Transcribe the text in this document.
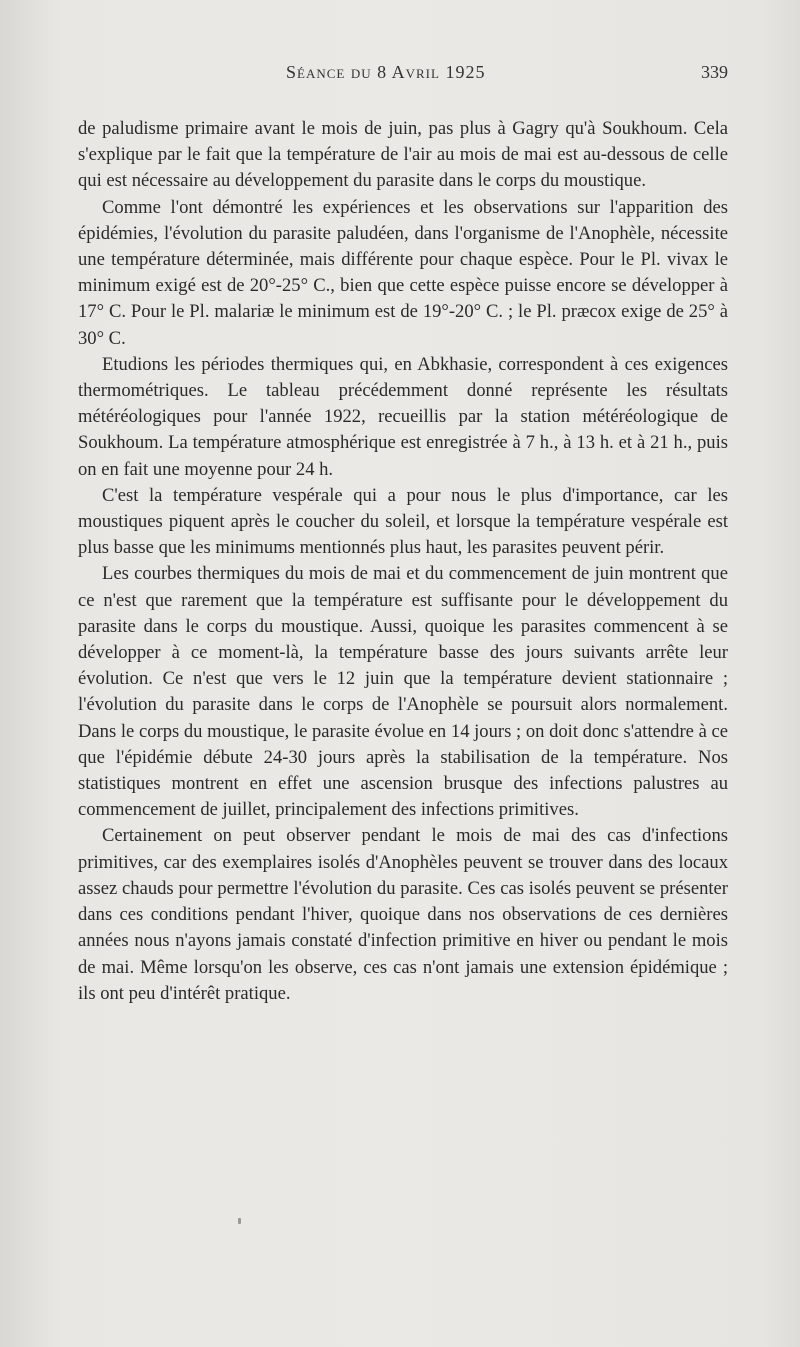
Séance du 8 Avril 1925	339

de paludisme primaire avant le mois de juin, pas plus à Gagry qu'à Soukhoum. Cela s'explique par le fait que la température de l'air au mois de mai est au-dessous de celle qui est nécessaire au développement du parasite dans le corps du moustique.

Comme l'ont démontré les expériences et les observations sur l'apparition des épidémies, l'évolution du parasite paludéen, dans l'organisme de l'Anophèle, nécessite une température déterminée, mais différente pour chaque espèce. Pour le Pl. vivax le minimum exigé est de 20°-25° C., bien que cette espèce puisse encore se développer à 17° C. Pour le Pl. malariæ le minimum est de 19°-20° C. ; le Pl. præcox exige de 25° à 30° C.

Etudions les périodes thermiques qui, en Abkhasie, correspondent à ces exigences thermométriques. Le tableau précédemment donné représente les résultats météréologiques pour l'année 1922, recueillis par la station météréologique de Soukhoum. La température atmosphérique est enregistrée à 7 h., à 13 h. et à 21 h., puis on en fait une moyenne pour 24 h.

C'est la température vespérale qui a pour nous le plus d'importance, car les moustiques piquent après le coucher du soleil, et lorsque la température vespérale est plus basse que les minimums mentionnés plus haut, les parasites peuvent périr.

Les courbes thermiques du mois de mai et du commencement de juin montrent que ce n'est que rarement que la température est suffisante pour le développement du parasite dans le corps du moustique. Aussi, quoique les parasites commencent à se développer à ce moment-là, la température basse des jours suivants arrête leur évolution. Ce n'est que vers le 12 juin que la température devient stationnaire ; l'évolution du parasite dans le corps de l'Anophèle se poursuit alors normalement. Dans le corps du moustique, le parasite évolue en 14 jours ; on doit donc s'attendre à ce que l'épidémie débute 24-30 jours après la stabilisation de la température. Nos statistiques montrent en effet une ascension brusque des infections palustres au commencement de juillet, principalement des infections primitives.

Certainement on peut observer pendant le mois de mai des cas d'infections primitives, car des exemplaires isolés d'Anophèles peuvent se trouver dans des locaux assez chauds pour permettre l'évolution du parasite. Ces cas isolés peuvent se présenter dans ces conditions pendant l'hiver, quoique dans nos observations de ces dernières années nous n'ayons jamais constaté d'infection primitive en hiver ou pendant le mois de mai. Même lorsqu'on les observe, ces cas n'ont jamais une extension épidémique ; ils ont peu d'intérêt pratique.
